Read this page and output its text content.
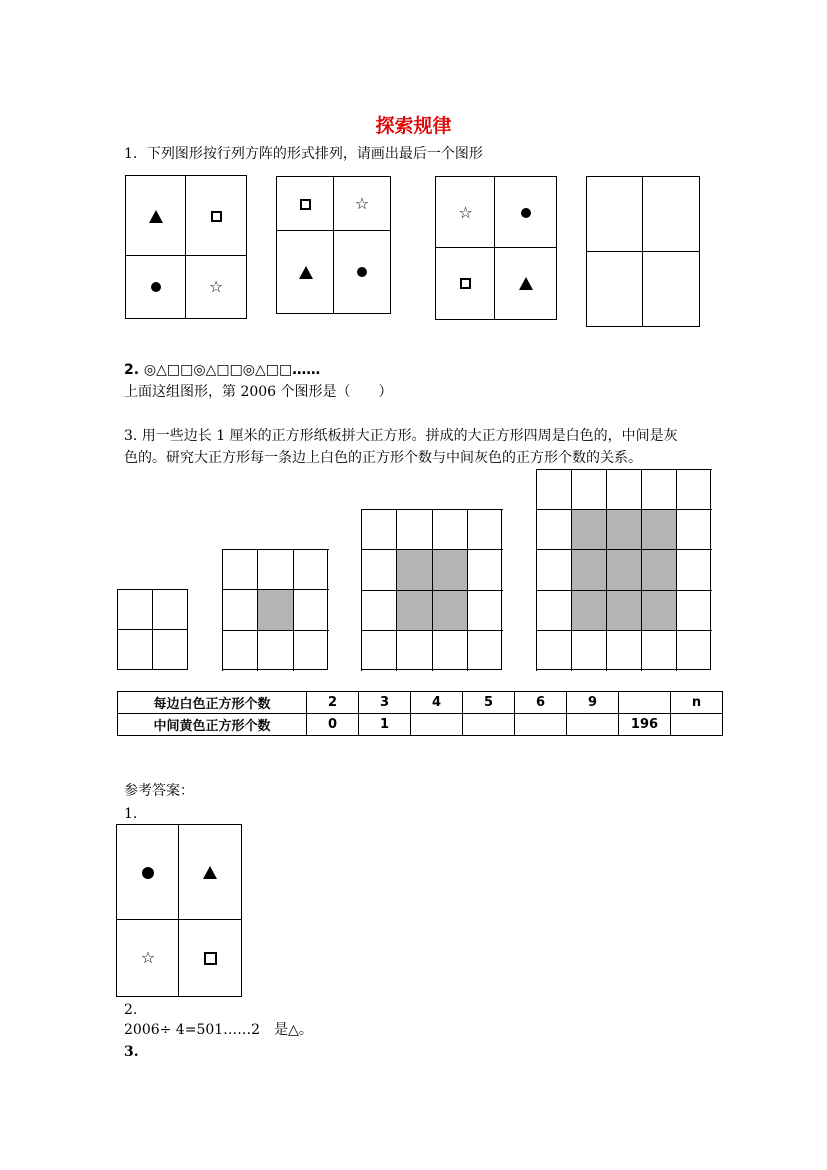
探索规律
1．下列图形按行列方阵的形式排列，请画出最后一个图形
☆
☆	☆
2. ◎△□□◎△□□◎△□□……
上面这组图形，第 2006 个图形是（　　）
3. 用一些边长 1 厘米的正方形纸板拼大正方形。拼成的大正方形四周是白色的，中间是灰
色的。研究大正方形每一条边上白色的正方形个数与中间灰色的正方形个数的关系。
每边白色正方形个数	2	3	4	5	6	9		n
中间黄色正方形个数	0	1					196	
参考答案：
1.
☆
2.
2006÷ 4=501……2　是△。
3.
